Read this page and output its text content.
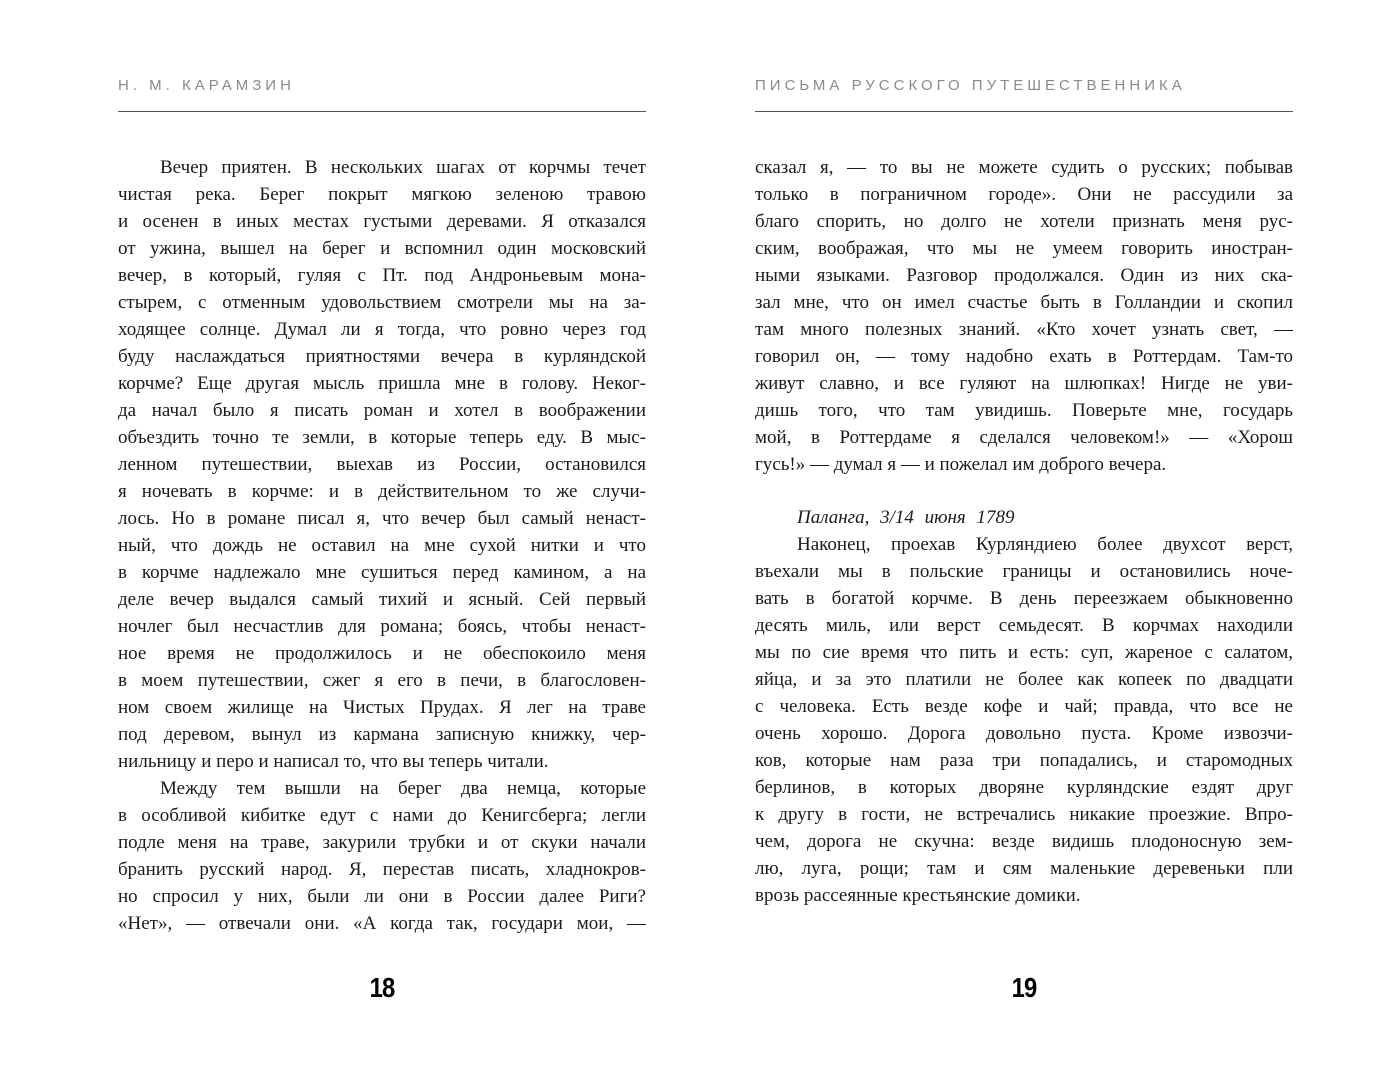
Н. М. КАРАМЗИН
Вечер приятен. В нескольких шагах от корчмы течет
чистая река. Берег покрыт мягкою зеленою травою
и осенен в иных местах густыми деревами. Я отказался
от ужина, вышел на берег и вспомнил один московский
вечер, в который, гуляя с Пт. под Андроньевым мона-
стырем, с отменным удовольствием смотрели мы на за-
ходящее солнце. Думал ли я тогда, что ровно через год
буду наслаждаться приятностями вечера в курляндской
корчме? Еще другая мысль пришла мне в голову. Неког-
да начал было я писать роман и хотел в воображении
объездить точно те земли, в которые теперь еду. В мыс-
ленном путешествии, выехав из России, остановился
я ночевать в корчме: и в действительном то же случи-
лось. Но в романе писал я, что вечер был самый ненаст-
ный, что дождь не оставил на мне сухой нитки и что
в корчме надлежало мне сушиться перед камином, а на
деле вечер выдался самый тихий и ясный. Сей первый
ночлег был несчастлив для романа; боясь, чтобы ненаст-
ное время не продолжилось и не обеспокоило меня
в моем путешествии, сжег я его в печи, в благословен-
ном своем жилище на Чистых Прудах. Я лег на траве
под деревом, вынул из кармана записную книжку, чер-
нильницу и перо и написал то, что вы теперь читали.
Между тем вышли на берег два немца, которые
в особливой кибитке едут с нами до Кенигсберга; легли
подле меня на траве, закурили трубки и от скуки начали
бранить русский народ. Я, перестав писать, хладнокров-
но спросил у них, были ли они в России далее Риги?
«Нет», — отвечали они. «А когда так, государи мои, —
18
ПИСЬМА РУССКОГО ПУТЕШЕСТВЕННИКА
сказал я, — то вы не можете судить о русских; побывав
только в пограничном городе». Они не рассудили за
благо спорить, но долго не хотели признать меня рус-
ским, воображая, что мы не умеем говорить иностран-
ными языками. Разговор продолжался. Один из них ска-
зал мне, что он имел счастье быть в Голландии и скопил
там много полезных знаний. «Кто хочет узнать свет, —
говорил он, — тому надобно ехать в Роттердам. Там-то
живут славно, и все гуляют на шлюпках! Нигде не уви-
дишь того, что там увидишь. Поверьте мне, государь
мой, в Роттердаме я сделался человеком!» — «Хорош
гусь!» — думал я — и пожелал им доброго вечера.
Паланга, 3/14 июня 1789
Наконец, проехав Курляндиею более двухсот верст,
въехали мы в польские границы и остановились ноче-
вать в богатой корчме. В день переезжаем обыкновенно
десять миль, или верст семьдесят. В корчмах находили
мы по сие время что пить и есть: суп, жареное с салатом,
яйца, и за это платили не более как копеек по двадцати
с человека. Есть везде кофе и чай; правда, что все не
очень хорошо. Дорога довольно пуста. Кроме извозчи-
ков, которые нам раза три попадались, и старомодных
берлинов, в которых дворяне курляндские ездят друг
к другу в гости, не встречались никакие проезжие. Впро-
чем, дорога не скучна: везде видишь плодоносную зем-
лю, луга, рощи; там и сям маленькие деревеньки пли
врозь рассеянные крестьянские домики.
19
